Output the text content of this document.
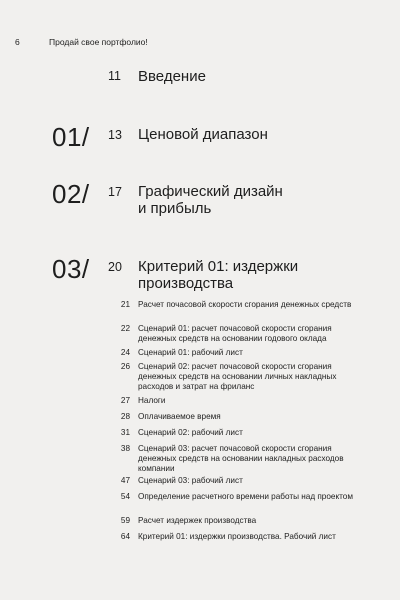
6	Продай свое портфолио!
11	Введение
01/ 13	Ценовой диапазон
02/ 17	Графический дизайн и прибыль
03/ 20	Критерий 01: издержки производства
21 Расчет почасовой скорости сгорания денежных средств
22 Сценарий 01: расчет почасовой скорости сгорания денежных средств на основании годового оклада
24 Сценарий 01: рабочий лист
26 Сценарий 02: расчет почасовой скорости сгорания денежных средств на основании личных накладных расходов и затрат на фриланс
27 Налоги
28 Оплачиваемое время
31 Сценарий 02: рабочий лист
38 Сценарий 03: расчет почасовой скорости сгорания денежных средств на основании накладных расходов компании
47 Сценарий 03: рабочий лист
54 Определение расчетного времени работы над проектом
59 Расчет издержек производства
64 Критерий 01: издержки производства. Рабочий лист
